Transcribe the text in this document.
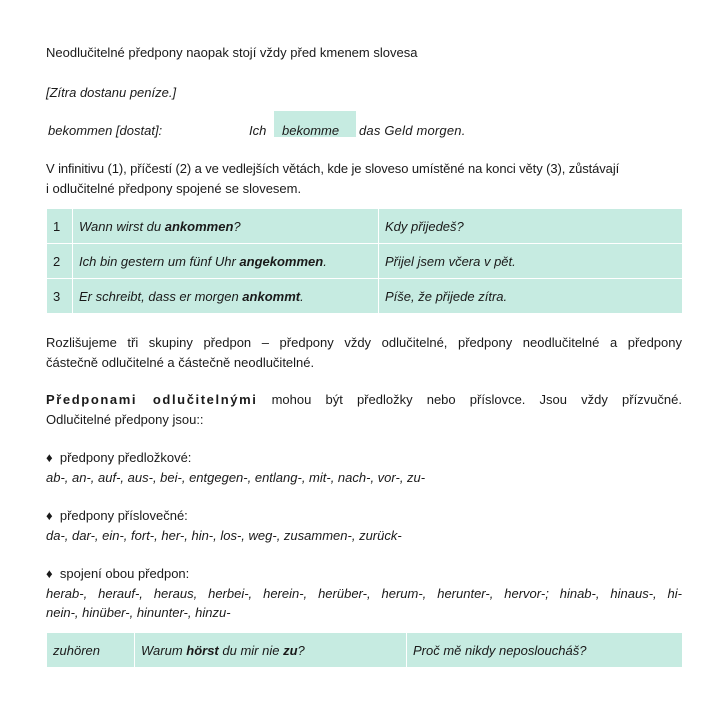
Neodlučitelné předpony naopak stojí vždy před kmenem slovesa
[Zítra dostanu peníze.]
bekommen [dostat]:	Ich bekomme das Geld morgen.
V infinitivu (1), příčestí (2) a ve vedlejších větách, kde je sloveso umístěné na konci věty (3), zůstávají
i odlučitelné předpony spojené se slovesem.
1	Wann wirst du ankommen?	Kdy přijedeš?
2	Ich bin gestern um fünf Uhr angekommen.	Přijel jsem včera v pět.
3	Er schreibt, dass er morgen ankommt.	Píše, že přijede zítra.
Rozlišujeme tři skupiny předpon – předpony vždy odlučitelné, předpony neodlučitelné a předpony
částečně odlučitelné a částečně neodlučitelné.
Předponami odlučitelnými mohou být předložky nebo příslovce. Jsou vždy přízvučné.
Odlučitelné předpony jsou::
♦ předpony předložkové:
ab-, an-, auf-, aus-, bei-, entgegen-, entlang-, mit-, nach-, vor-, zu-
♦ předpony příslovečné:
da-, dar-, ein-, fort-, her-, hin-, los-, weg-, zusammen-, zurück-
♦ spojení obou předpon:
herab-, herauf-, heraus, herbei-, herein-, herüber-, herum-, herunter-, hervor-; hinab-, hinaus-, hi-
nein-, hinüber-, hinunter-, hinzu-
zuhören	Warum hörst du mir nie zu?	Proč mě nikdy neposloucháš?
